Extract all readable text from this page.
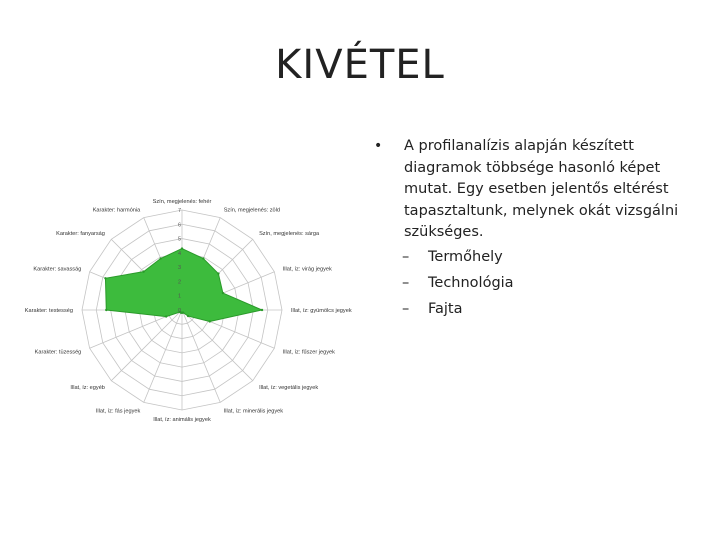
KIVÉTEL
0
1
2
3
4
5
6
7
Szín, megjelenés: fehér
Szín, megjelenés: zöld
Szín, megjelenés: sárga
Illat, íz: virág jegyek
Illat, íz: gyümölcs jegyek
Illat, íz: fűszer jegyek
Illat, íz: vegetális jegyek
Illat, íz: minerális jegyek
Illat, íz: animális jegyek
Illat, íz: fás jegyek
Illat, íz: egyéb
Karakter: tüzesség
Karakter: testesség
Karakter: savasság
Karakter: fanyarság
Karakter: harmónia
•	A profilanalízis alapján készített diagramok többsége hasonló képet mutat. Egy esetben jelentős eltérést tapasztaltunk, melynek okát vizsgálni szükséges.
–	Termőhely
–	Technológia
–	Fajta
